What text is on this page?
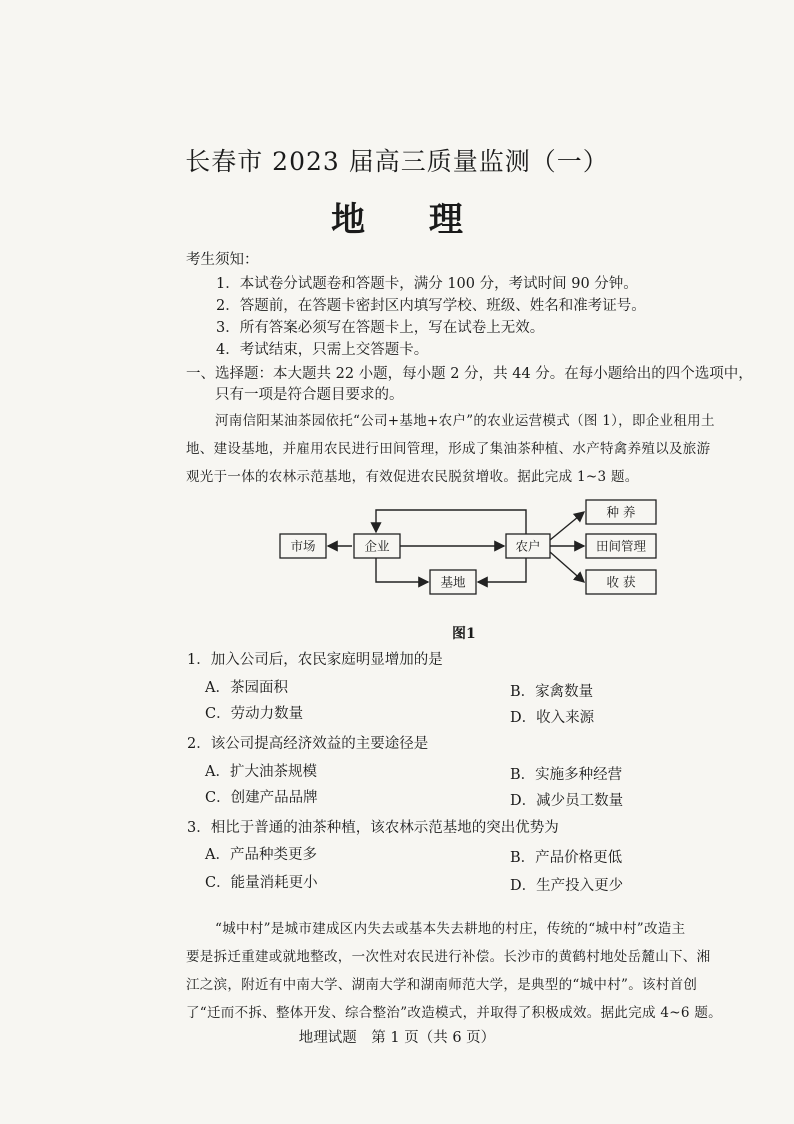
长春市 2023 届高三质量监测（一）
地 理
考生须知：
1．本试卷分试题卷和答题卡，满分 100 分，考试时间 90 分钟。
2．答题前，在答题卡密封区内填写学校、班级、姓名和准考证号。
3．所有答案必须写在答题卡上，写在试卷上无效。
4．考试结束，只需上交答题卡。
一、选择题：本大题共 22 小题，每小题 2 分，共 44 分。在每小题给出的四个选项中，
只有一项是符合题目要求的。
河南信阳某油茶园依托“公司+基地+农户”的农业运营模式（图 1），即企业租用土
地、建设基地，并雇用农民进行田间管理，形成了集油茶种植、水产特禽养殖以及旅游
观光于一体的农林示范基地，有效促进农民脱贫增收。据此完成 1~3 题。
市场	企业	农户
基地
种 养
田间管理
收 获
图1
1．加入公司后，农民家庭明显增加的是
A．茶园面积	B．家禽数量
C．劳动力数量	D．收入来源
2．该公司提高经济效益的主要途径是
A．扩大油茶规模	B．实施多种经营
C．创建产品品牌	D．减少员工数量
3．相比于普通的油茶种植，该农林示范基地的突出优势为
A．产品种类更多	B．产品价格更低
C．能量消耗更小	D．生产投入更少
“城中村”是城市建成区内失去或基本失去耕地的村庄，传统的“城中村”改造主
要是拆迁重建或就地整改，一次性对农民进行补偿。长沙市的黄鹤村地处岳麓山下、湘
江之滨，附近有中南大学、湖南大学和湖南师范大学，是典型的“城中村”。该村首创
了“迁而不拆、整体开发、综合整治”改造模式，并取得了积极成效。据此完成 4~6 题。
地理试题　第 1 页（共 6 页）
